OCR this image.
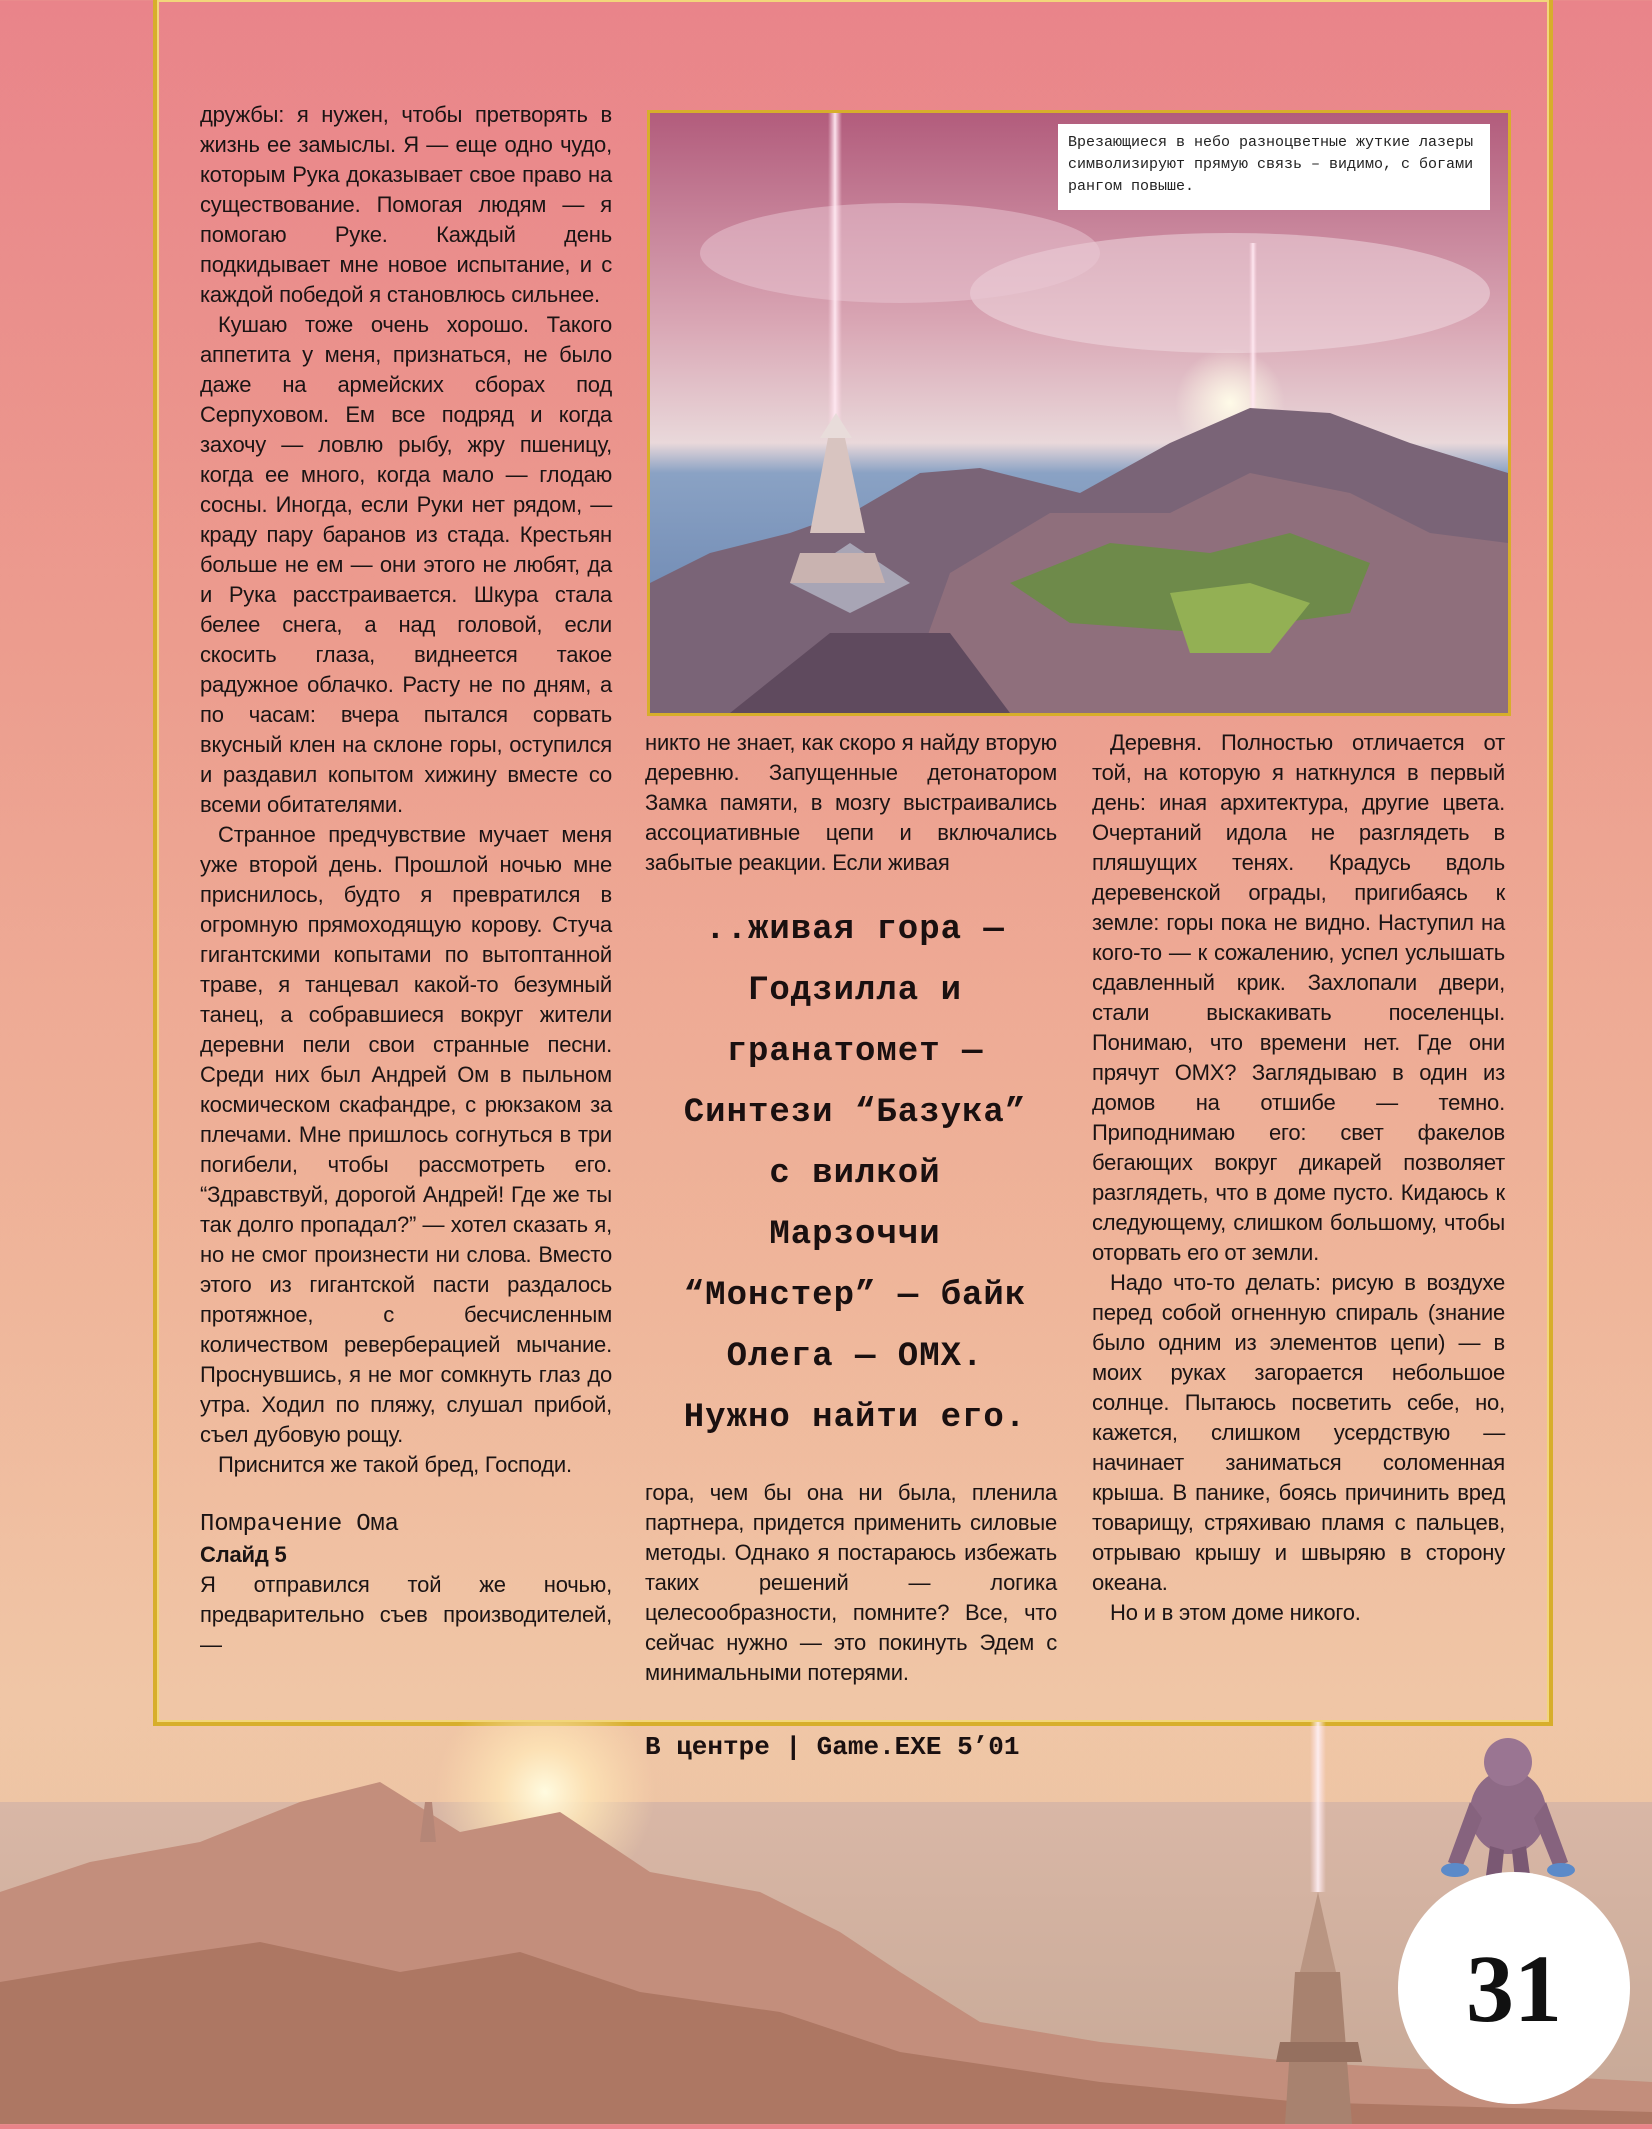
дружбы: я нужен, чтобы претворять в жизнь ее замыслы. Я — еще одно чудо, которым Рука доказывает свое право на существование. Помогая людям — я помогаю Руке. Каждый день подкидывает мне новое испытание, и с каждой победой я становлюсь сильнее.

Кушаю тоже очень хорошо. Такого аппетита у меня, признаться, не было даже на армейских сборах под Серпуховом. Ем все подряд и когда захочу — ловлю рыбу, жру пшеницу, когда ее много, когда мало — глодаю сосны. Иногда, если Руки нет рядом, — краду пару баранов из стада. Крестьян больше не ем — они этого не любят, да и Рука расстраивается. Шкура стала белее снега, а над головой, если скосить глаза, виднеется такое радужное облачко. Расту не по дням, а по часам: вчера пытался сорвать вкусный клен на склоне горы, оступился и раздавил копытом хижину вместе со всеми обитателями.

Странное предчувствие мучает меня уже второй день. Прошлой ночью мне приснилось, будто я превратился в огромную прямоходящую корову. Стуча гигантскими копытами по вытоптанной траве, я танцевал какой-то безумный танец, а собравшиеся вокруг жители деревни пели свои странные песни. Среди них был Андрей Ом в пыльном космическом скафандре, с рюкзаком за плечами. Мне пришлось согнуться в три погибели, чтобы рассмотреть его. “Здравствуй, дорогой Андрей! Где же ты так долго пропадал?” — хотел сказать я, но не смог произнести ни слова. Вместо этого из гигантской пасти раздалось протяжное, с бесчисленным количеством реверберацией мычание. Проснувшись, я не мог сомкнуть глаз до утра. Ходил по пляжу, слушал прибой, съел дубовую рощу.

Приснится же такой бред, Господи.

Помрачение Ома
Слайд 5

Я отправился той же ночью, предварительно съев производителей, —

Врезающиеся в небо разноцветные жуткие лазеры символизируют прямую связь – видимо, с богами рангом повыше.

никто не знает, как скоро я найду вторую деревню. Запущенные детонатором Замка памяти, в мозгу выстраивались ассоциативные цепи и включались забытые реакции. Если живая

..живая гора —
Годзилла и
гранатомет —
Синтези “Базука”
с вилкой
Марзоччи
“Монстер” — байк
Олега — ОМХ.
Нужно найти его.

гора, чем бы она ни была, пленила партнера, придется применить силовые методы. Однако я постараюсь избежать таких решений — логика целесообразности, помните? Все, что сейчас нужно — это покинуть Эдем с минимальными потерями.

Деревня. Полностью отличается от той, на которую я наткнулся в первый день: иная архитектура, другие цвета. Очертаний идола не разглядеть в пляшущих тенях. Крадусь вдоль деревенской ограды, пригибаясь к земле: горы пока не видно. Наступил на кого-то — к сожалению, успел услышать сдавленный крик. Захлопали двери, стали выскакивать поселенцы. Понимаю, что времени нет. Где они прячут ОМХ? Заглядываю в один из домов на отшибе — темно. Приподнимаю его: свет факелов бегающих вокруг дикарей позволяет разглядеть, что в доме пусто. Кидаюсь к следующему, слишком большому, чтобы оторвать его от земли.

Надо что-то делать: рисую в воздухе перед собой огненную спираль (знание было одним из элементов цепи) — в моих руках загорается небольшое солнце. Пытаюсь посветить себе, но, кажется, слишком усердствую — начинает заниматься соломенная крыша. В панике, боясь причинить вред товарищу, стряхиваю пламя с пальцев, отрываю крышу и швыряю в сторону океана.

Но и в этом доме никого.

В центре | Game.EXE 5’01
31
